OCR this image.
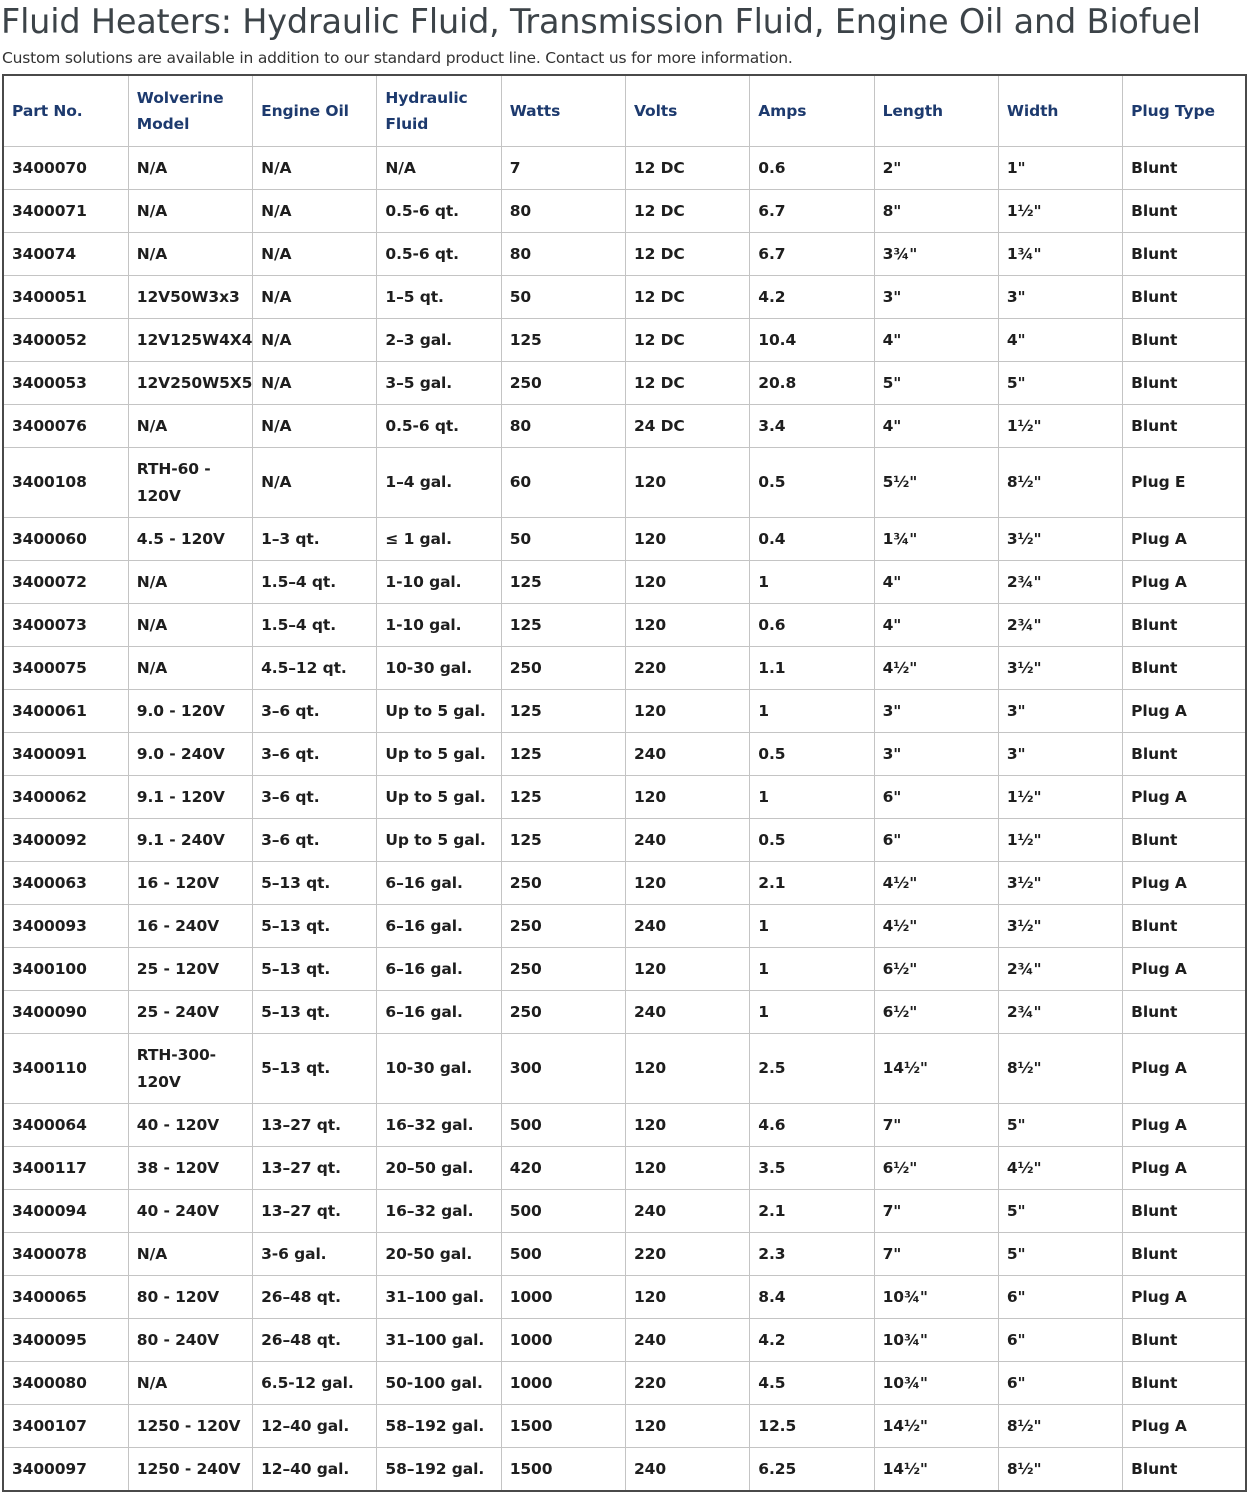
Fluid Heaters: Hydraulic Fluid, Transmission Fluid, Engine Oil and Biofuel

Custom solutions are available in addition to our standard product line. Contact us for more information.

Part No.	Wolverine Model	Engine Oil	Hydraulic Fluid	Watts	Volts	Amps	Length	Width	Plug Type
3400070	N/A	N/A	N/A	7	12 DC	0.6	2"	1"	Blunt
3400071	N/A	N/A	0.5-6 qt.	80	12 DC	6.7	8"	1½"	Blunt
340074	N/A	N/A	0.5-6 qt.	80	12 DC	6.7	3¾"	1¾"	Blunt
3400051	12V50W3x3	N/A	1–5 qt.	50	12 DC	4.2	3"	3"	Blunt
3400052	12V125W4X4	N/A	2–3 gal.	125	12 DC	10.4	4"	4"	Blunt
3400053	12V250W5X5	N/A	3–5 gal.	250	12 DC	20.8	5"	5"	Blunt
3400076	N/A	N/A	0.5-6 qt.	80	24 DC	3.4	4"	1½"	Blunt
3400108	RTH-60 - 120V	N/A	1–4 gal.	60	120	0.5	5½"	8½"	Plug E
3400060	4.5 - 120V	1–3 qt.	≤ 1 gal.	50	120	0.4	1¾"	3½"	Plug A
3400072	N/A	1.5–4 qt.	1-10 gal.	125	120	1	4"	2¾"	Plug A
3400073	N/A	1.5–4 qt.	1-10 gal.	125	120	0.6	4"	2¾"	Blunt
3400075	N/A	4.5–12 qt.	10-30 gal.	250	220	1.1	4½"	3½"	Blunt
3400061	9.0 - 120V	3–6 qt.	Up to 5 gal.	125	120	1	3"	3"	Plug A
3400091	9.0 - 240V	3–6 qt.	Up to 5 gal.	125	240	0.5	3"	3"	Blunt
3400062	9.1 - 120V	3–6 qt.	Up to 5 gal.	125	120	1	6"	1½"	Plug A
3400092	9.1 - 240V	3–6 qt.	Up to 5 gal.	125	240	0.5	6"	1½"	Blunt
3400063	16 - 120V	5–13 qt.	6–16 gal.	250	120	2.1	4½"	3½"	Plug A
3400093	16 - 240V	5–13 qt.	6–16 gal.	250	240	1	4½"	3½"	Blunt
3400100	25 - 120V	5–13 qt.	6–16 gal.	250	120	1	6½"	2¾"	Plug A
3400090	25 - 240V	5–13 qt.	6–16 gal.	250	240	1	6½"	2¾"	Blunt
3400110	RTH-300-120V	5–13 qt.	10-30 gal.	300	120	2.5	14½"	8½"	Plug A
3400064	40 - 120V	13–27 qt.	16–32 gal.	500	120	4.6	7"	5"	Plug A
3400117	38 - 120V	13–27 qt.	20–50 gal.	420	120	3.5	6½"	4½"	Plug A
3400094	40 - 240V	13–27 qt.	16–32 gal.	500	240	2.1	7"	5"	Blunt
3400078	N/A	3-6 gal.	20-50 gal.	500	220	2.3	7"	5"	Blunt
3400065	80 - 120V	26–48 qt.	31–100 gal.	1000	120	8.4	10¾"	6"	Plug A
3400095	80 - 240V	26–48 qt.	31–100 gal.	1000	240	4.2	10¾"	6"	Blunt
3400080	N/A	6.5-12 gal.	50-100 gal.	1000	220	4.5	10¾"	6"	Blunt
3400107	1250 - 120V	12–40 gal.	58–192 gal.	1500	120	12.5	14½"	8½"	Plug A
3400097	1250 - 240V	12–40 gal.	58–192 gal.	1500	240	6.25	14½"	8½"	Blunt
